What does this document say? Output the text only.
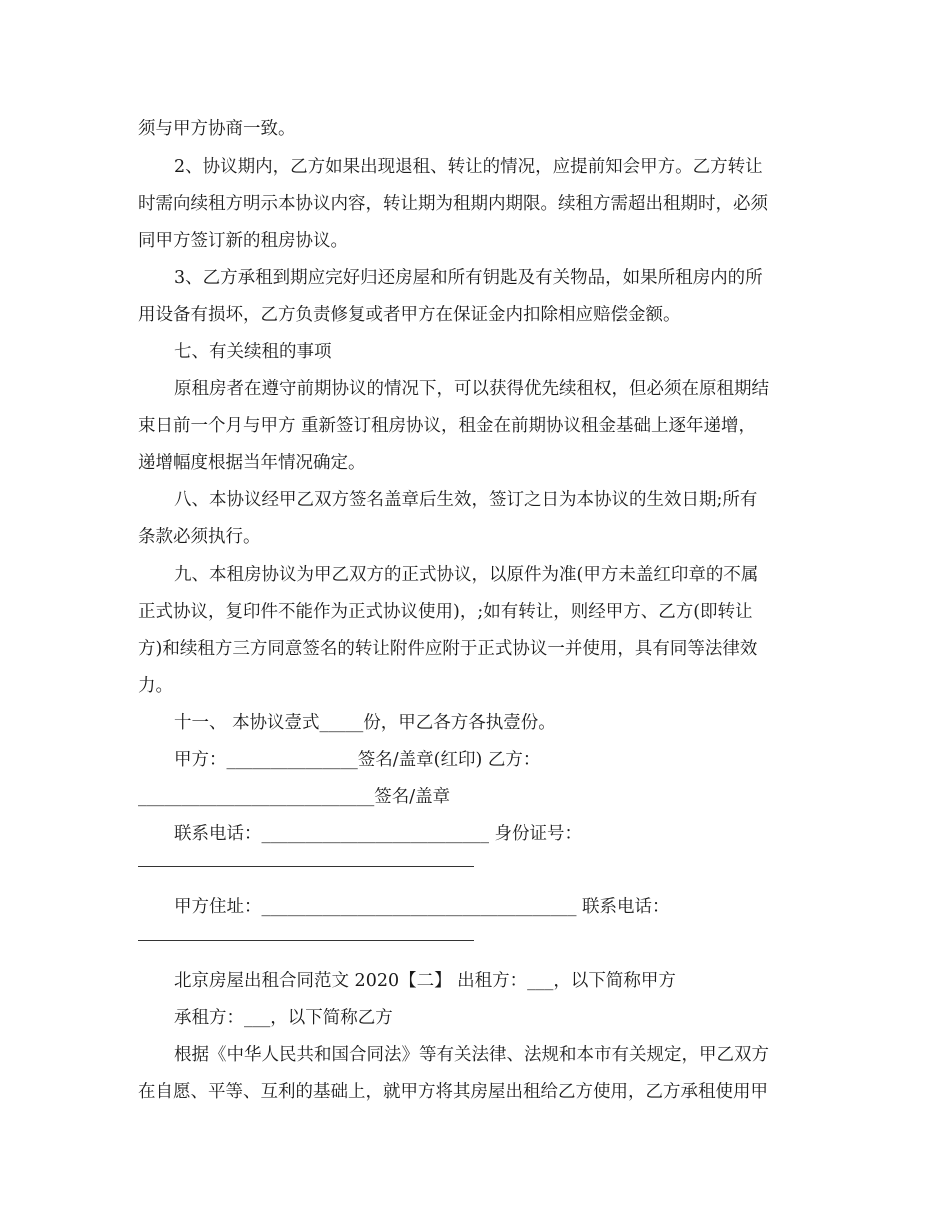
须与甲方协商一致。
2、协议期内，乙方如果出现退租、转让的情况，应提前知会甲方。乙方转让
时需向续租方明示本协议内容，转让期为租期内期限。续租方需超出租期时，必须
同甲方签订新的租房协议。
3、乙方承租到期应完好归还房屋和所有钥匙及有关物品，如果所租房内的所
用设备有损坏，乙方负责修复或者甲方在保证金内扣除相应赔偿金额。
七、有关续租的事项
原租房者在遵守前期协议的情况下，可以获得优先续租权，但必须在原租期结
束日前一个月与甲方 重新签订租房协议，租金在前期协议租金基础上逐年递增，
递增幅度根据当年情况确定。
八、本协议经甲乙双方签名盖章后生效，签订之日为本协议的生效日期;所有
条款必须执行。
九、本租房协议为甲乙双方的正式协议，以原件为准(甲方未盖红印章的不属
正式协议，复印件不能作为正式协议使用)，;如有转让，则经甲方、乙方(即转让
方)和续租方三方同意签名的转让附件应附于正式协议一并使用，具有同等法律效
力。
十一、 本协议壹式_____份，甲乙各方各执壹份。
甲方：_______________签名/盖章(红印) 乙方：
___________________________签名/盖章
联系电话：__________________________ 身份证号：
甲方住址：____________________________________ 联系电话：
北京房屋出租合同范文 2020【二】 出租方：___，以下简称甲方
承租方：___，以下简称乙方
根据《中华人民共和国合同法》等有关法律、法规和本市有关规定，甲乙双方
在自愿、平等、互利的基础上，就甲方将其房屋出租给乙方使用，乙方承租使用甲
